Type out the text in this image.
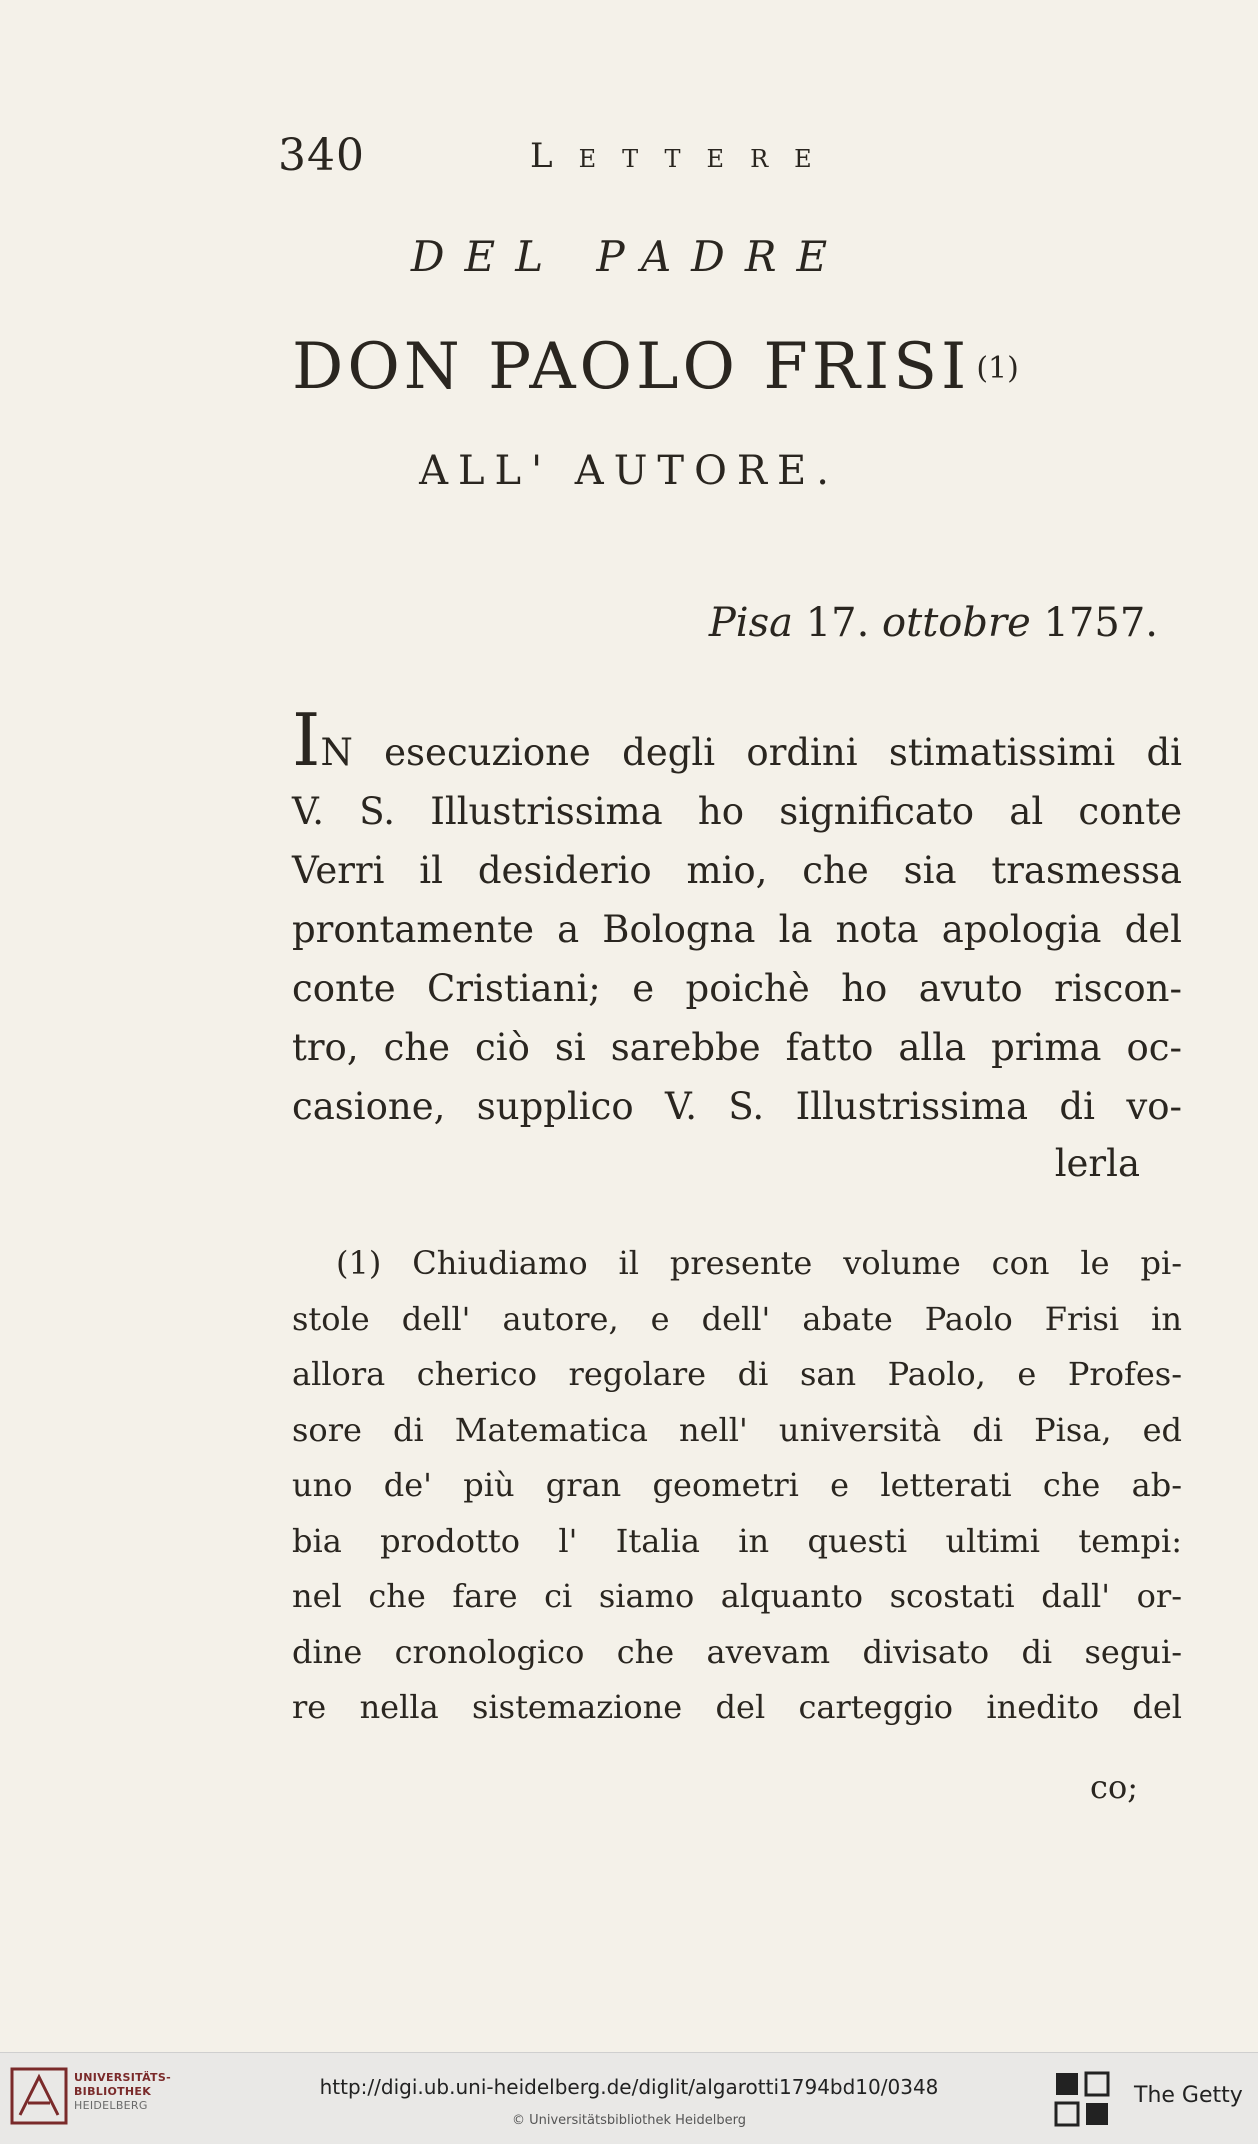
340	Lettere
DEL PADRE
DON PAOLO FRISI (1)
ALL' AUTORE.
Pisa 17. ottobre 1757.
IN esecuzione degli ordini stimatissimi di
V. S. Illustrissima ho significato al conte
Verri il desiderio mio, che sia trasmessa
prontamente a Bologna la nota apologia del
conte Cristiani; e poichè ho avuto riscon-
tro, che ciò si sarebbe fatto alla prima oc-
casione, supplico V. S. Illustrissima di vo-
lerla
(1) Chiudiamo il presente volume con le pi-
stole dell' autore, e dell' abate Paolo Frisi in
allora cherico regolare di san Paolo, e Profes-
sore di Matematica nell' università di Pisa, ed
uno de' più gran geometri e letterati che ab-
bia prodotto l' Italia in questi ultimi tempi:
nel che fare ci siamo alquanto scostati dall' or-
dine cronologico che avevam divisato di segui-
re nella sistemazione del carteggio inedito del
co;
UNIVERSITÄTS-
BIBLIOTHEK
HEIDELBERG
http://digi.ub.uni-heidelberg.de/diglit/algarotti1794bd10/0348
© Universitätsbibliothek Heidelberg
The Getty
